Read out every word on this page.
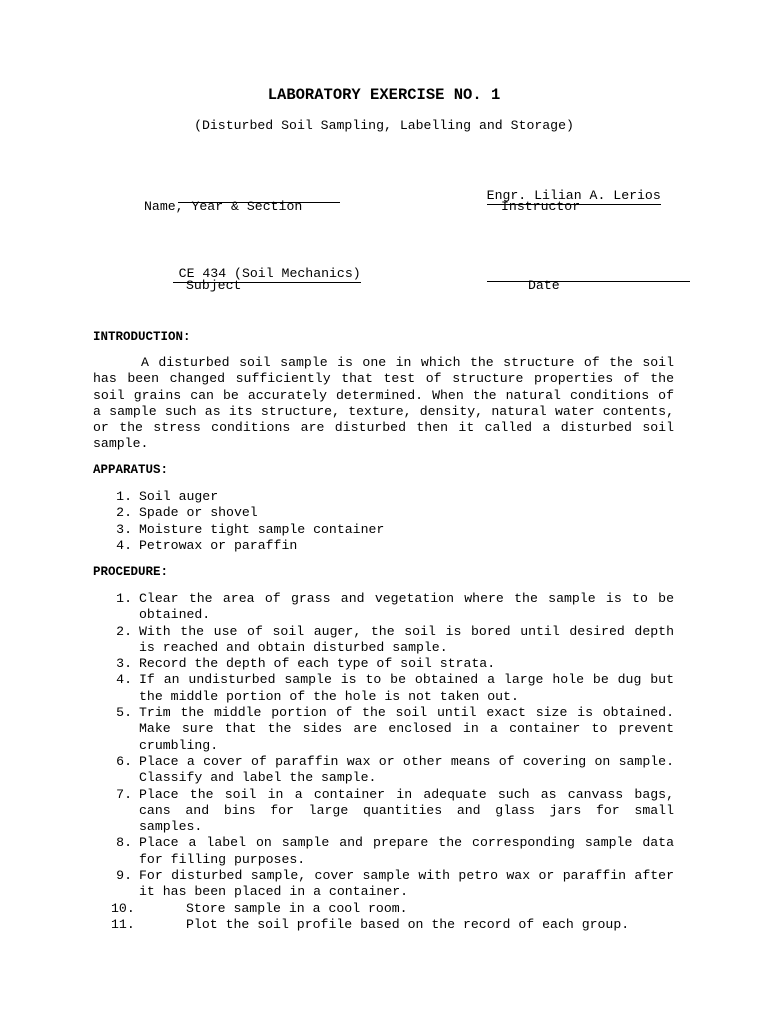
LABORATORY EXERCISE NO. 1
(Disturbed Soil Sampling, Labelling and Storage)

Name, Year & Section

Engr. Lilian A. Lerios

Instructor

CE 434 (Soil Mechanics)

Subject

	Date
INTRODUCTION:

A disturbed soil sample is one in which the structure of the soil has been changed sufficiently that test of structure properties of the soil grains can be accurately determined. When the natural conditions of a sample such as its structure, texture, density, natural water contents, or the stress conditions are disturbed then it called a disturbed soil sample.

APPARATUS:
1. Soil auger
2. Spade or shovel
3. Moisture tight sample container
4. Petrowax or paraffin
PROCEDURE:
1. Clear the area of grass and vegetation where the sample is to be obtained.
2. With the use of soil auger, the soil is bored until desired depth is reached and obtain disturbed sample.
3. Record the depth of each type of soil strata.
4. If an undisturbed sample is to be obtained a large hole be dug but the middle portion of the hole is not taken out.
5. Trim the middle portion of the soil until exact size is obtained. Make sure that the sides are enclosed in a container to prevent crumbling.
6. Place a cover of paraffin wax or other means of covering on sample. Classify and label the sample.
7. Place the soil in a container in adequate such as canvass bags, cans and bins for large quantities and glass jars for small samples.
8. Place a label on sample and prepare the corresponding sample data for filling purposes.
9. For disturbed sample, cover sample with petro wax or paraffin after it has been placed in a container.
10.	Store sample in a cool room.
11.	Plot the soil profile based on the record of each group.
